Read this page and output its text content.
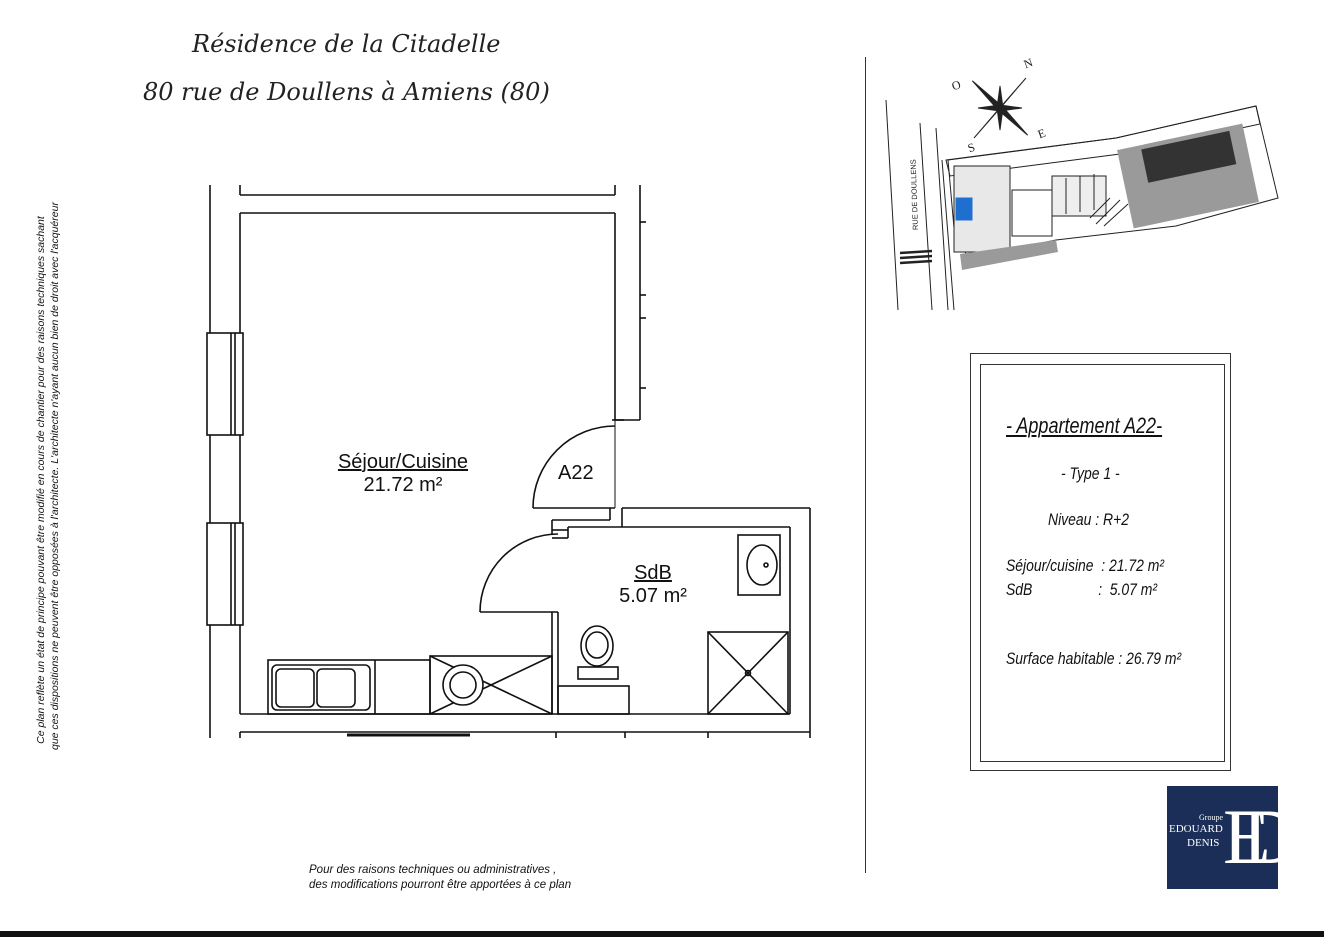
Résidence de la Citadelle
80 rue de Doullens à Amiens (80)
Ce plan reflète un état de principe pouvant être modifié en cours de chantier pour des raisons techniques sachant que ces dispositions ne peuvent être opposées à l'architecte. L'architecte n'ayant aucun bien de droit avec l'acquéreur	Séjour/Cuisine
21.72 m²
A22
SdB
5.07 m²
N
E
S
O
RUE DE DOULLENS
- Appartement A22-
- Type 1 -
Niveau : R+2
Séjour/cuisine  : 21.72 m²
SdB                 :  5.07 m²
Surface habitable : 26.79 m²
Groupe
EDOUARD
DENIS ED
Pour des raisons techniques ou administratives ,
des modifications pourront être apportées à ce plan
